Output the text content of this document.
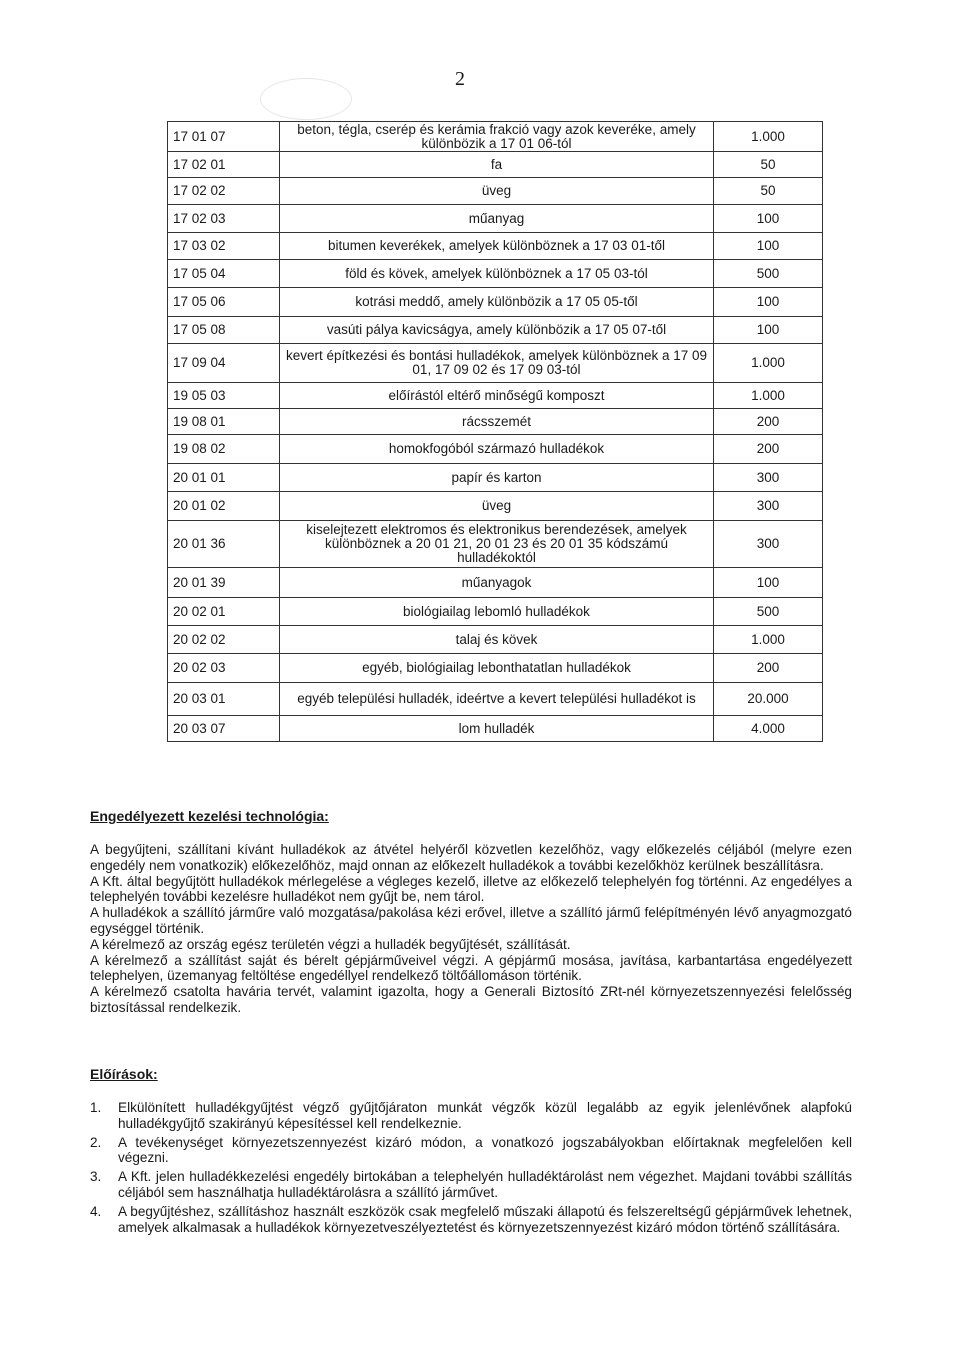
2
17 01 07	beton, tégla, cserép és kerámia frakció vagy azok keveréke, amely különbözik a 17 01 06-tól	1.000
17 02 01	fa	50
17 02 02	üveg	50
17 02 03	műanyag	100
17 03 02	bitumen keverékek, amelyek különböznek a 17 03 01-től	100
17 05 04	föld és kövek, amelyek különböznek a 17 05 03-tól	500
17 05 06	kotrási meddő, amely különbözik a 17 05 05-től	100
17 05 08	vasúti pálya kavicságya, amely különbözik a 17 05 07-től	100
17 09 04	kevert építkezési és bontási hulladékok, amelyek különböznek a 17 09 01, 17 09 02 és 17 09 03-tól	1.000
19 05 03	előírástól eltérő minőségű komposzt	1.000
19 08 01	rácsszemét	200
19 08 02	homokfogóból származó hulladékok	200
20 01 01	papír és karton	300
20 01 02	üveg	300
20 01 36	kiselejtezett elektromos és elektronikus berendezések, amelyek különböznek a 20 01 21, 20 01 23 és 20 01 35 kódszámú hulladékoktól	300
20 01 39	műanyagok	100
20 02 01	biológiailag lebomló hulladékok	500
20 02 02	talaj és kövek	1.000
20 02 03	egyéb, biológiailag lebonthatatlan hulladékok	200
20 03 01	egyéb települési hulladék, ideértve a kevert települési hulladékot is	20.000
20 03 07	lom hulladék	4.000
Engedélyezett kezelési technológia:

A begyűjteni, szállítani kívánt hulladékok az átvétel helyéről közvetlen kezelőhöz, vagy előkezelés céljából (melyre ezen engedély nem vonatkozik) előkezelőhöz, majd onnan az előkezelt hulladékok a további kezelőkhöz kerülnek beszállításra.

A Kft. által begyűjtött hulladékok mérlegelése a végleges kezelő, illetve az előkezelő telephelyén fog történni. Az engedélyes a telephelyén további kezelésre hulladékot nem gyűjt be, nem tárol.

A hulladékok a szállító járműre való mozgatása/pakolása kézi erővel, illetve a szállító jármű felépítményén lévő anyagmozgató egységgel történik.

A kérelmező az ország egész területén végzi a hulladék begyűjtését, szállítását.

A kérelmező a szállítást saját és bérelt gépjárműveivel végzi. A gépjármű mosása, javítása, karbantartása engedélyezett telephelyen, üzemanyag feltöltése engedéllyel rendelkező töltőállomáson történik.

A kérelmező csatolta havária tervét, valamint igazolta, hogy a Generali Biztosító ZRt-nél környezetszennyezési felelősség biztosítással rendelkezik.

Előírások:
1. Elkülönített hulladékgyűjtést végző gyűjtőjáraton munkát végzők közül legalább az egyik jelenlévőnek alapfokú hulladékgyűjtő szakirányú képesítéssel kell rendelkeznie.
2. A tevékenységet környezetszennyezést kizáró módon, a vonatkozó jogszabályokban előírtaknak megfelelően kell végezni.
3. A Kft. jelen hulladékkezelési engedély birtokában a telephelyén hulladéktárolást nem végezhet. Majdani további szállítás céljából sem használhatja hulladéktárolásra a szállító járművet.
4. A begyűjtéshez, szállításhoz használt eszközök csak megfelelő műszaki állapotú és felszereltségű gépjárművek lehetnek, amelyek alkalmasak a hulladékok környezetveszélyeztetést és környezetszennyezést kizáró módon történő szállítására.
